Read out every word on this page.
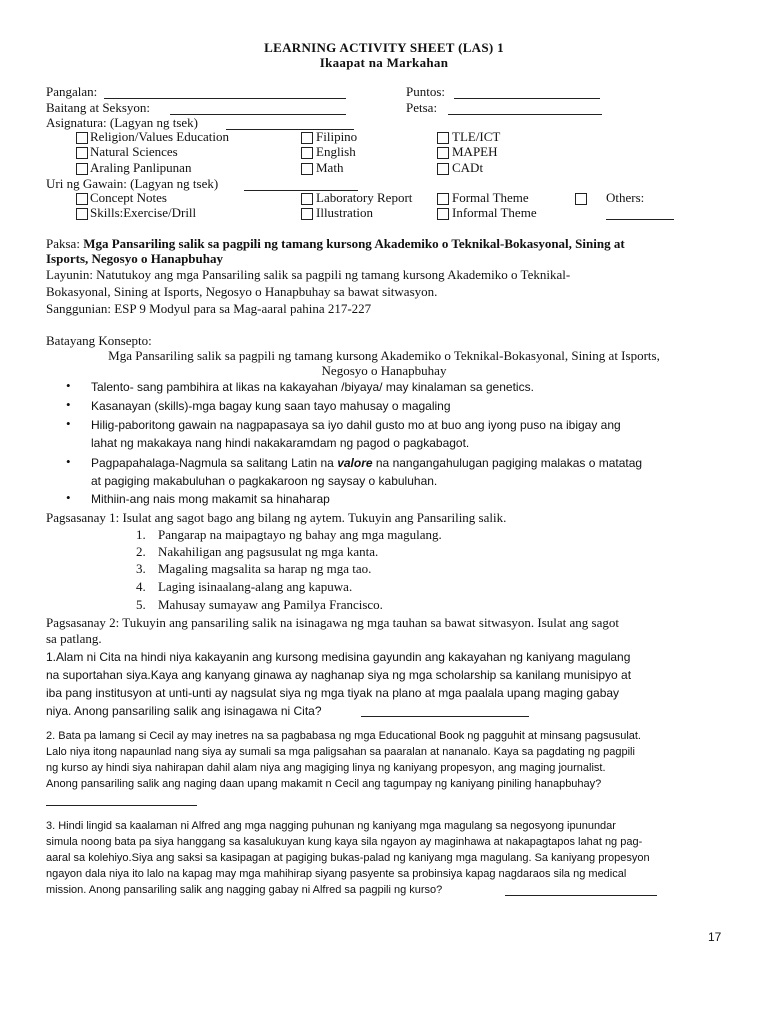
LEARNING ACTIVITY SHEET (LAS) 1
Ikaapat na Markahan
Pangalan:	Puntos:
Baitang at Seksyon:	Petsa:
Asignatura: (Lagyan ng tsek)
Religion/Values Education	Filipino	TLE/ICT
Natural Sciences	English	MAPEH
Araling Panlipunan	Math	CADt
Uri ng Gawain: (Lagyan ng tsek)
Concept Notes	Laboratory Report	Formal Theme	Others:
Skills:Exercise/Drill	Illustration	Informal Theme
Paksa: Mga Pansariling salik sa pagpili ng tamang kursong Akademiko o Teknikal-Bokasyonal, Sining at
Isports, Negosyo o Hanapbuhay
Layunin: Natutukoy ang mga Pansariling salik sa pagpili ng tamang kursong Akademiko o Teknikal-
Bokasyonal, Sining at Isports, Negosyo o Hanapbuhay sa bawat sitwasyon.
Sanggunian: ESP 9 Modyul para sa Mag-aaral pahina 217-227
Batayang Konsepto:
Mga Pansariling salik sa pagpili ng tamang kursong Akademiko o Teknikal-Bokasyonal, Sining at Isports,
Negosyo o Hanapbuhay
• Talento- sang pambihira at likas na kakayahan /biyaya/ may kinalaman sa genetics.
• Kasanayan (skills)-mga bagay kung saan tayo mahusay o magaling
• Hilig-paboritong gawain na nagpapasaya sa iyo dahil gusto mo at buo ang iyong puso na ibigay ang
lahat ng makakaya nang hindi nakakaramdam ng pagod o pagkabagot.
• Pagpapahalaga-Nagmula sa salitang Latin na valore na nangangahulugan pagiging malakas o matatag
at pagiging makabuluhan o pagkakaroon ng saysay o kabuluhan.
• Mithiin-ang nais mong makamit sa hinaharap
Pagsasanay 1: Isulat ang sagot bago ang bilang ng aytem. Tukuyin ang Pansariling salik.
1. Pangarap na maipagtayo ng bahay ang mga magulang.
2. Nakahiligan ang pagsusulat ng mga kanta.
3. Magaling magsalita sa harap ng mga tao.
4. Laging isinaalang-alang ang kapuwa.
5. Mahusay sumayaw ang Pamilya Francisco.
Pagsasanay 2: Tukuyin ang pansariling salik na isinagawa ng mga tauhan sa bawat sitwasyon. Isulat ang sagot
sa patlang.
1.Alam ni Cita na hindi niya kakayanin ang kursong medisina gayundin ang kakayahan ng kaniyang magulang
na suportahan siya.Kaya ang kanyang ginawa ay naghanap siya ng mga scholarship sa kanilang munisipyo at
iba pang institusyon at unti-unti ay nagsulat siya ng mga tiyak na plano at mga paalala upang maging gabay
niya. Anong pansariling salik ang isinagawa ni Cita?
2. Bata pa lamang si Cecil ay may inetres na sa pagbabasa ng mga Educational Book ng pagguhit at minsang pagsusulat.
Lalo niya itong napaunlad nang siya ay sumali sa mga paligsahan sa paaralan at nananalo. Kaya sa pagdating ng pagpili
ng kurso ay hindi siya nahirapan dahil alam niya ang magiging linya ng kaniyang propesyon, ang maging journalist.
Anong pansariling salik ang naging daan upang makamit n Cecil ang tagumpay ng kaniyang piniling hanapbuhay?
3. Hindi lingid sa kaalaman ni Alfred ang mga nagging puhunan ng kaniyang mga magulang sa negosyong ipunundar
simula noong bata pa siya hanggang sa kasalukuyan kung kaya sila ngayon ay maginhawa at nakapagtapos lahat ng pag-
aaral sa kolehiyo.Siya ang saksi sa kasipagan at pagiging bukas-palad ng kaniyang mga magulang. Sa kaniyang propesyon
ngayon dala niya ito lalo na kapag may mga mahihirap siyang pasyente sa probinsiya kapag nagdaraos sila ng medical
mission. Anong pansariling salik ang nagging gabay ni Alfred sa pagpili ng kurso?
17
